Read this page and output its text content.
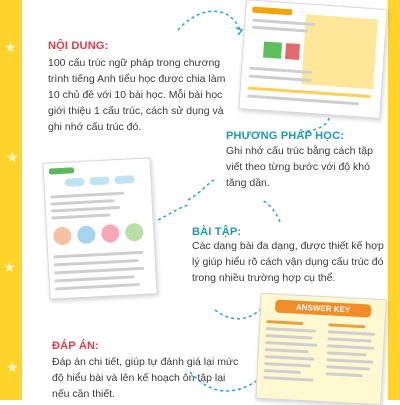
★
★
★
★
NỘI DUNG:
100 cấu trúc ngữ pháp trong chương trình tiếng Anh tiểu học được chia làm 10 chủ đề với 10 bài học. Mỗi bài học giới thiệu 1 cấu trúc, cách sử dụng và ghi nhớ cấu trúc đó.
PHƯƠNG PHÁP HỌC:
Ghi nhớ cấu trúc bằng cách tập viết theo từng bước với độ khó tăng dần.
BÀI TẬP:
Các dạng bài đa dạng, được thiết kế hợp lý giúp hiểu rõ cách vận dụng cấu trúc đó trong nhiều trường hợp cụ thể.
ĐÁP ÁN:
Đáp án chi tiết, giúp tự đánh giá lại mức độ hiểu bài và lên kế hoạch ôn tập lại nếu cần thiết.
ANSWER KEY
